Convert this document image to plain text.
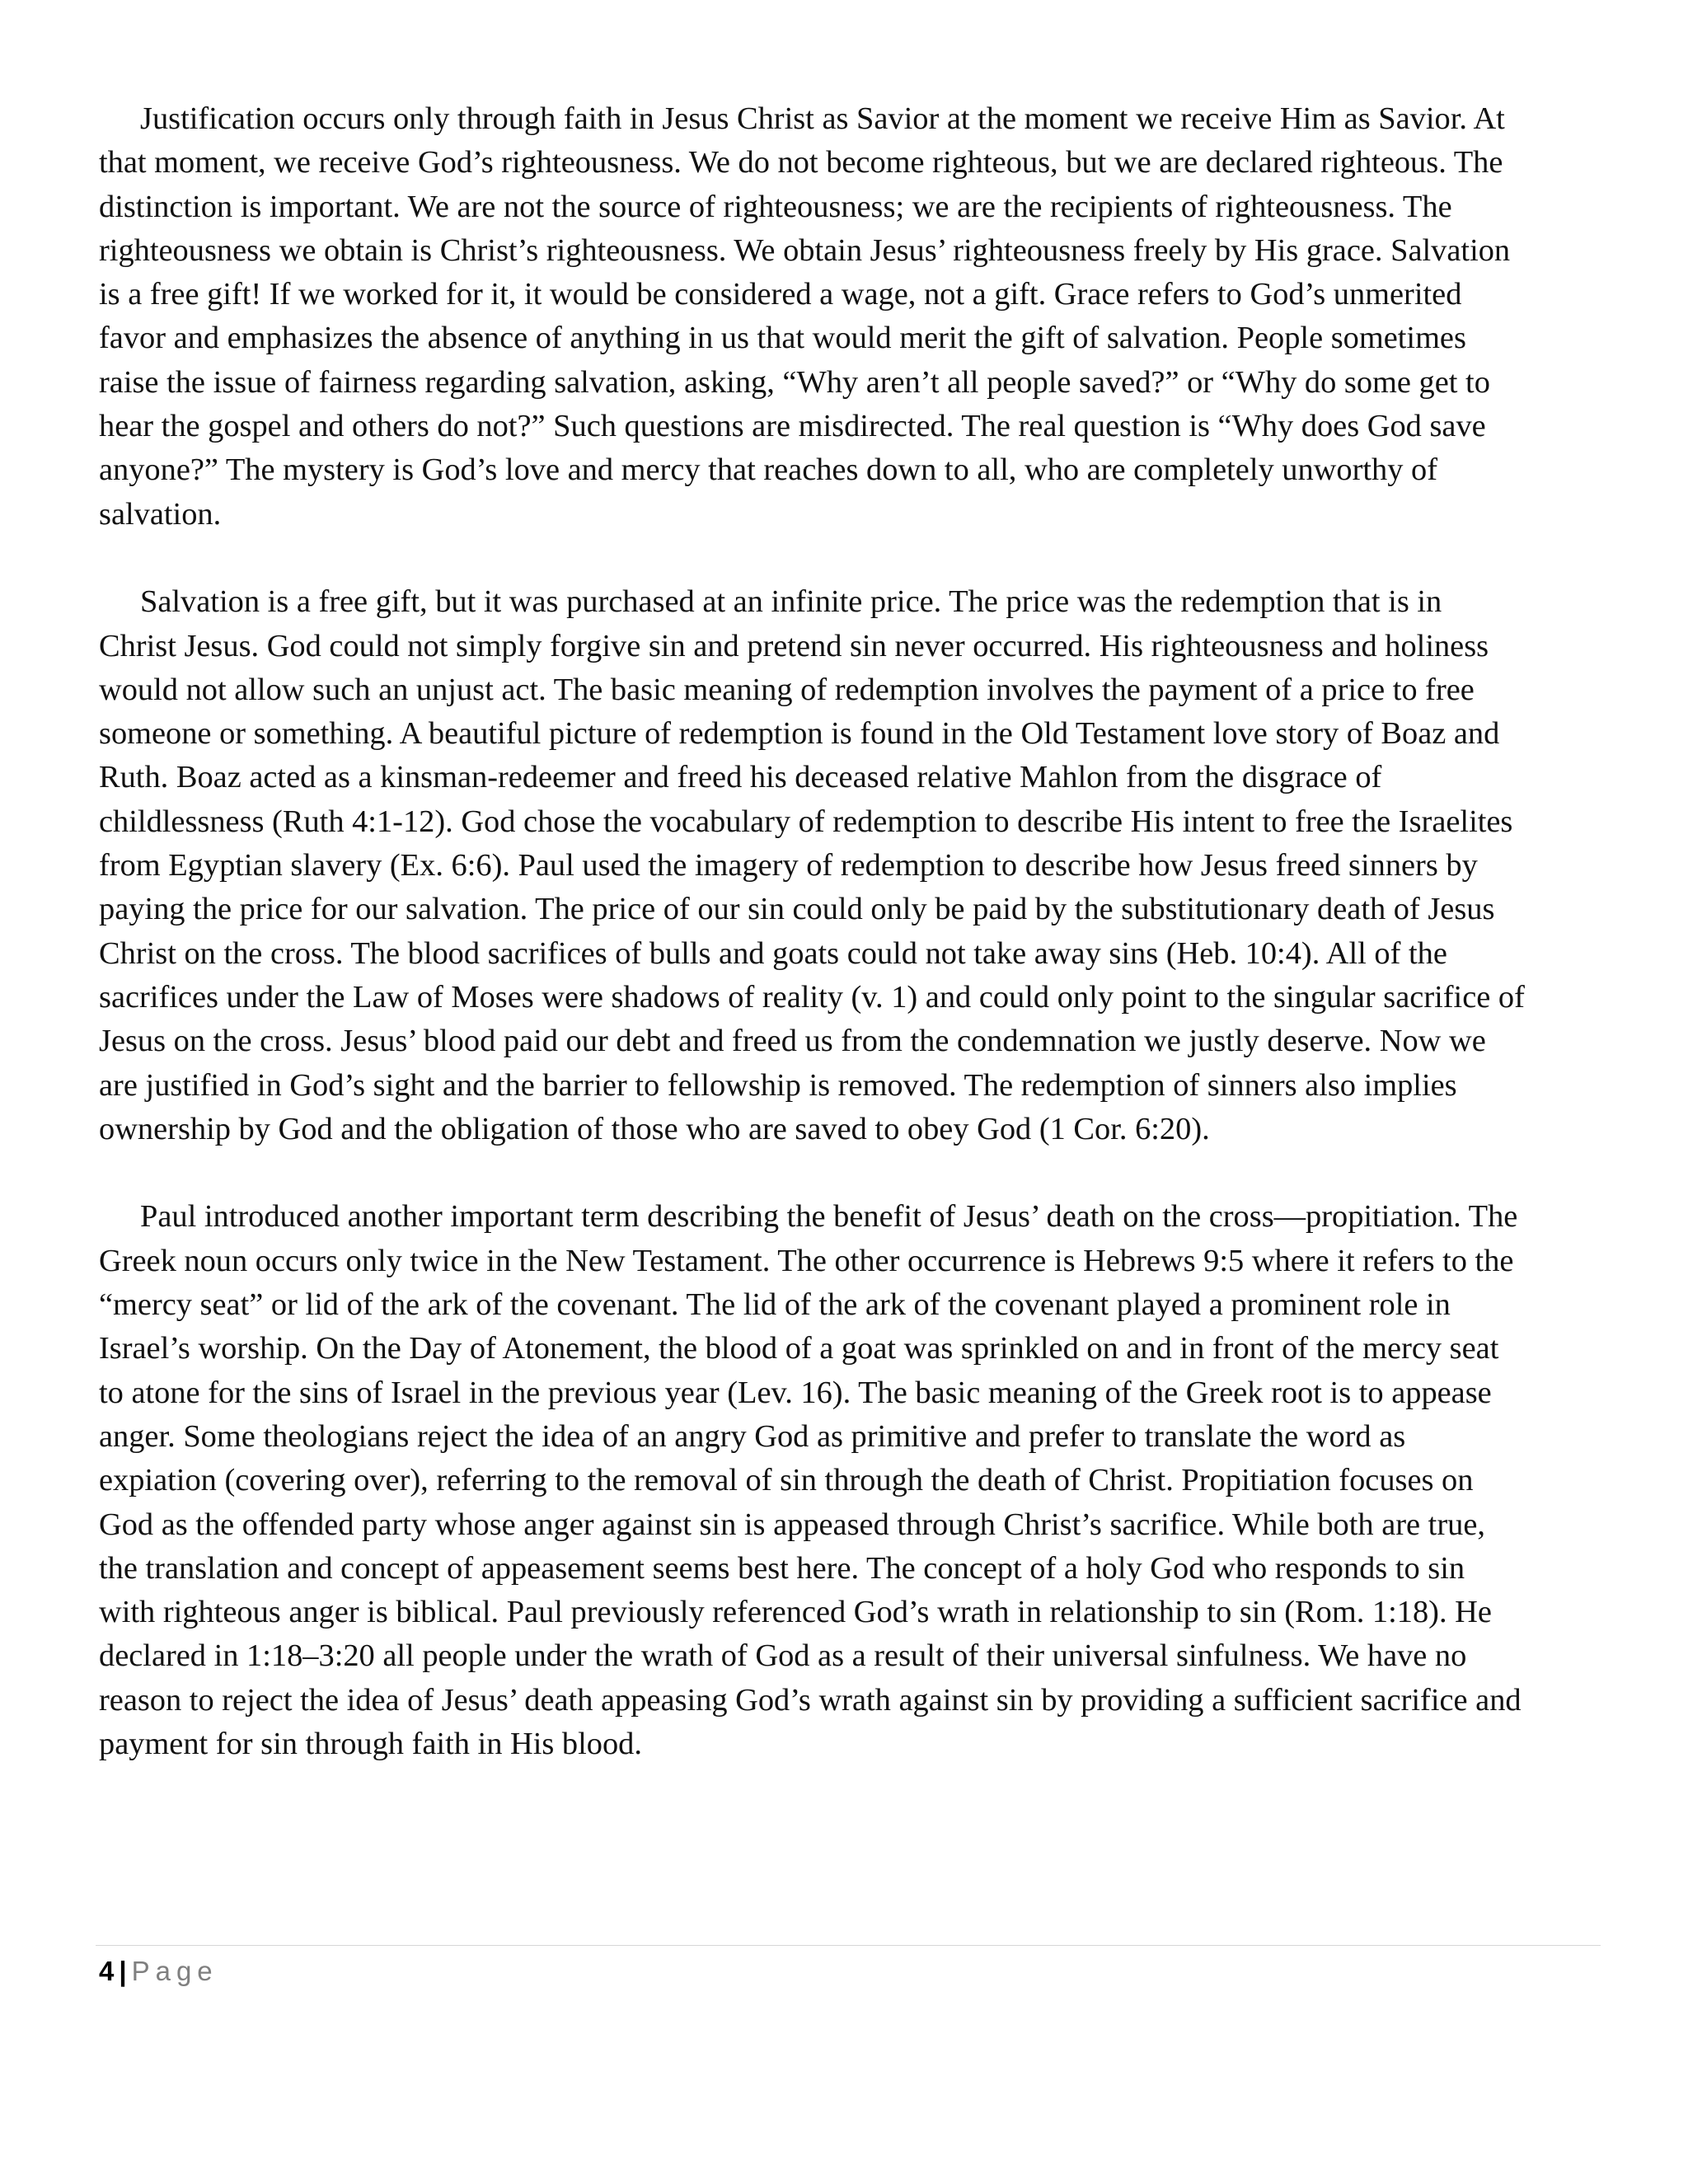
Justification occurs only through faith in Jesus Christ as Savior at the moment we receive Him as Savior. At that moment, we receive God’s righteousness. We do not become righteous, but we are declared righteous. The distinction is important. We are not the source of righteousness; we are the recipients of righteousness. The righteousness we obtain is Christ’s righteousness. We obtain Jesus’ righteousness freely by His grace. Salvation is a free gift! If we worked for it, it would be considered a wage, not a gift. Grace refers to God’s unmerited favor and emphasizes the absence of anything in us that would merit the gift of salvation. People sometimes raise the issue of fairness regarding salvation, asking, “Why aren’t all people saved?” or “Why do some get to hear the gospel and others do not?” Such questions are misdirected. The real question is “Why does God save anyone?” The mystery is God’s love and mercy that reaches down to all, who are completely unworthy of salvation.

Salvation is a free gift, but it was purchased at an infinite price. The price was the redemption that is in Christ Jesus. God could not simply forgive sin and pretend sin never occurred. His righteousness and holiness would not allow such an unjust act. The basic meaning of redemption involves the payment of a price to free someone or something. A beautiful picture of redemption is found in the Old Testament love story of Boaz and Ruth. Boaz acted as a kinsman-redeemer and freed his deceased relative Mahlon from the disgrace of childlessness (Ruth 4:1-12). God chose the vocabulary of redemption to describe His intent to free the Israelites from Egyptian slavery (Ex. 6:6). Paul used the imagery of redemption to describe how Jesus freed sinners by paying the price for our salvation. The price of our sin could only be paid by the substitutionary death of Jesus Christ on the cross. The blood sacrifices of bulls and goats could not take away sins (Heb. 10:4). All of the sacrifices under the Law of Moses were shadows of reality (v. 1) and could only point to the singular sacrifice of Jesus on the cross. Jesus’ blood paid our debt and freed us from the condemnation we justly deserve. Now we are justified in God’s sight and the barrier to fellowship is removed. The redemption of sinners also implies ownership by God and the obligation of those who are saved to obey God (1 Cor. 6:20).

Paul introduced another important term describing the benefit of Jesus’ death on the cross—propitiation. The Greek noun occurs only twice in the New Testament. The other occurrence is Hebrews 9:5 where it refers to the “mercy seat” or lid of the ark of the covenant. The lid of the ark of the covenant played a prominent role in Israel’s worship. On the Day of Atonement, the blood of a goat was sprinkled on and in front of the mercy seat to atone for the sins of Israel in the previous year (Lev. 16). The basic meaning of the Greek root is to appease anger. Some theologians reject the idea of an angry God as primitive and prefer to translate the word as expiation (covering over), referring to the removal of sin through the death of Christ. Propitiation focuses on God as the offended party whose anger against sin is appeased through Christ’s sacrifice. While both are true, the translation and concept of appeasement seems best here. The concept of a holy God who responds to sin with righteous anger is biblical. Paul previously referenced God’s wrath in relationship to sin (Rom. 1:18). He declared in 1:18–3:20 all people under the wrath of God as a result of their universal sinfulness. We have no reason to reject the idea of Jesus’ death appeasing God’s wrath against sin by providing a sufficient sacrifice and payment for sin through faith in His blood.

4 | Page
